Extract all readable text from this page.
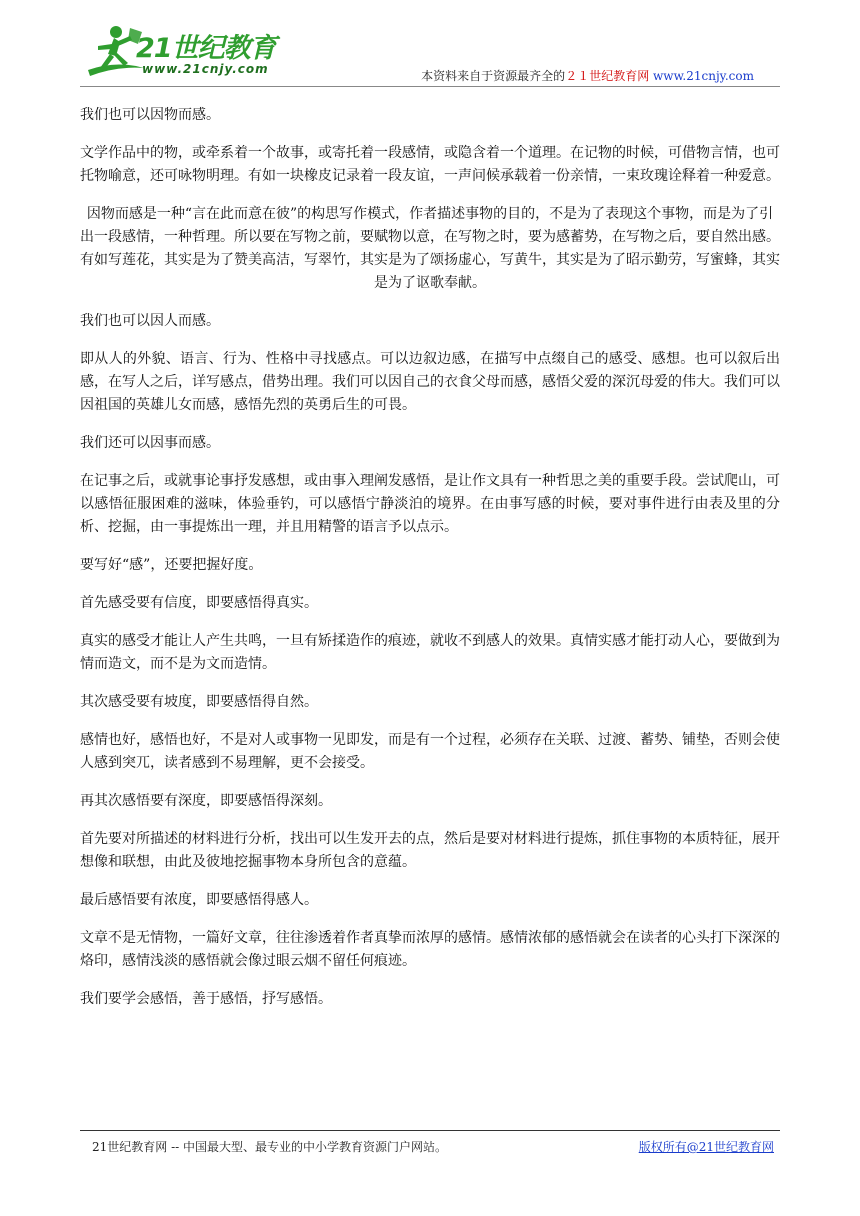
21世纪教育
www.21cnjy.com	本资料来自于资源最齐全的２１世纪教育网 www.21cnjy.com

我们也可以因物而感。

文学作品中的物，或牵系着一个故事，或寄托着一段感情，或隐含着一个道理。在记物的时候，可借物言情，也可托物喻意，还可咏物明理。有如一块橡皮记录着一段友谊，一声问候承载着一份亲情，一束玫瑰诠释着一种爱意。

因物而感是一种“言在此而意在彼”的构思写作模式，作者描述事物的目的，不是为了表现这个事物，而是为了引出一段感情，一种哲理。所以要在写物之前，要赋物以意，在写物之时，要为感蓄势，在写物之后，要自然出感。有如写莲花，其实是为了赞美高洁，写翠竹，其实是为了颂扬虚心，写黄牛，其实是为了昭示勤劳，写蜜蜂，其实是为了讴歌奉献。

我们也可以因人而感。

即从人的外貌、语言、行为、性格中寻找感点。可以边叙边感，在描写中点缀自己的感受、感想。也可以叙后出感，在写人之后，详写感点，借势出理。我们可以因自己的衣食父母而感，感悟父爱的深沉母爱的伟大。我们可以因祖国的英雄儿女而感，感悟先烈的英勇后生的可畏。

我们还可以因事而感。

在记事之后，或就事论事抒发感想，或由事入理阐发感悟，是让作文具有一种哲思之美的重要手段。尝试爬山，可以感悟征服困难的滋味，体验垂钓，可以感悟宁静淡泊的境界。在由事写感的时候，要对事件进行由表及里的分析、挖掘，由一事提炼出一理，并且用精警的语言予以点示。

要写好“感”，还要把握好度。

首先感受要有信度，即要感悟得真实。

真实的感受才能让人产生共鸣，一旦有矫揉造作的痕迹，就收不到感人的效果。真情实感才能打动人心，要做到为情而造文，而不是为文而造情。

其次感受要有坡度，即要感悟得自然。

感情也好，感悟也好，不是对人或事物一见即发，而是有一个过程，必须存在关联、过渡、蓄势、铺垫，否则会使人感到突兀，读者感到不易理解，更不会接受。

再其次感悟要有深度，即要感悟得深刻。

首先要对所描述的材料进行分析，找出可以生发开去的点，然后是要对材料进行提炼，抓住事物的本质特征，展开想像和联想，由此及彼地挖掘事物本身所包含的意蕴。

最后感悟要有浓度，即要感悟得感人。

文章不是无情物，一篇好文章，往往渗透着作者真挚而浓厚的感情。感情浓郁的感悟就会在读者的心头打下深深的烙印，感情浅淡的感悟就会像过眼云烟不留任何痕迹。

我们要学会感悟，善于感悟，抒写感悟。

21世纪教育网 -- 中国最大型、最专业的中小学教育资源门户网站。	版权所有@21世纪教育网
